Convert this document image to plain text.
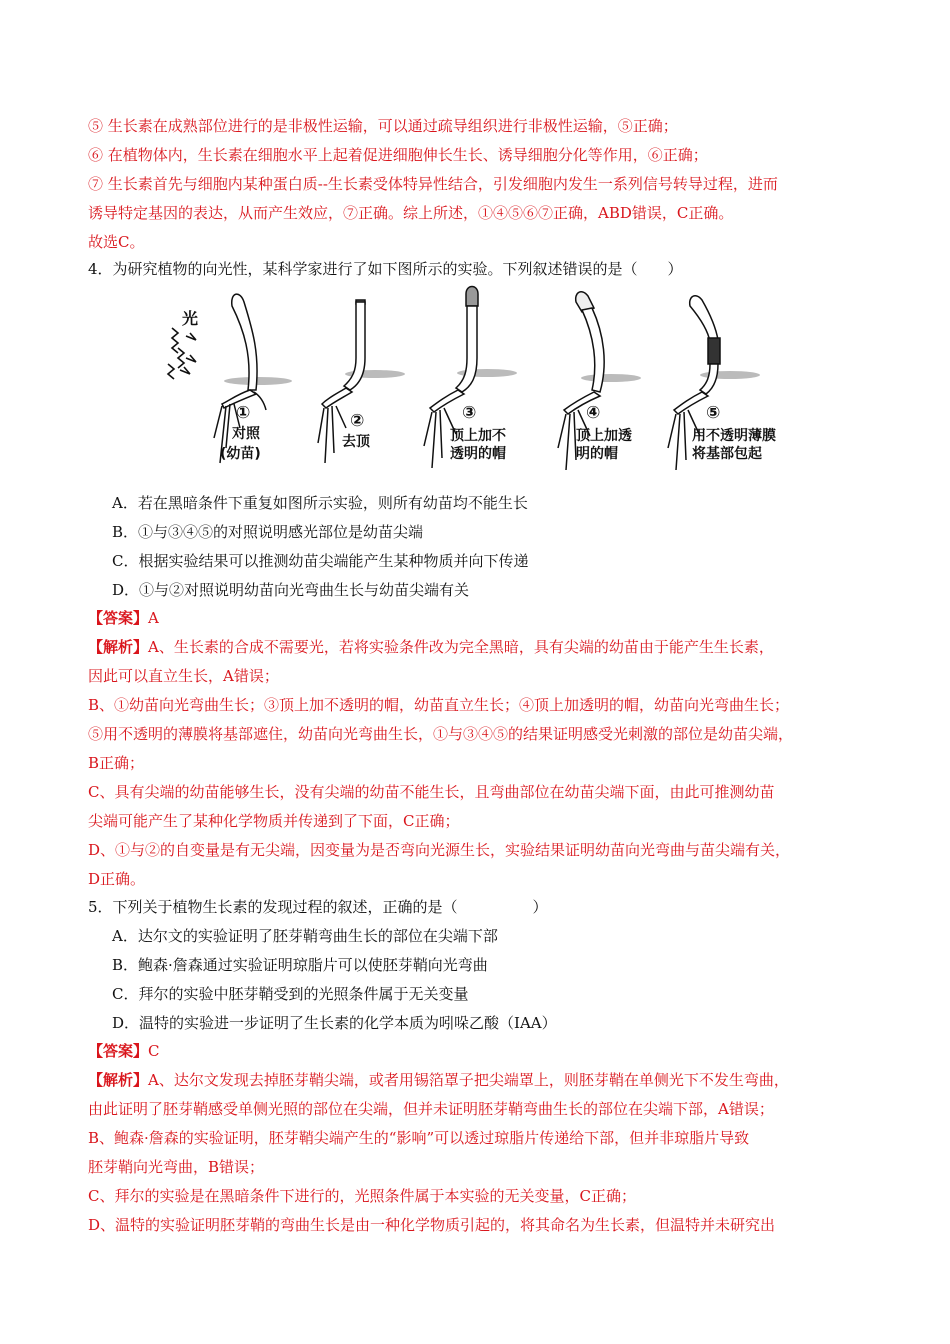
⑤ 生长素在成熟部位进行的是非极性运输，可以通过疏导组织进行非极性运输，⑤正确；
⑥ 在植物体内，生长素在细胞水平上起着促进细胞伸长生长、诱导细胞分化等作用，⑥正确；
⑦ 生长素首先与细胞内某种蛋白质--生长素受体特异性结合，引发细胞内发生一系列信号转导过程，进而
诱导特定基因的表达，从而产生效应，⑦正确。综上所述，①④⑤⑥⑦正确，ABD错误，C正确。
故选C。
4．为研究植物的向光性，某科学家进行了如下图所示的实验。下列叙述错误的是（　　）
光
①
对照
(幼苗)
②
去顶
③
顶上加不
透明的帽
④
顶上加透
明的帽
⑤
用不透明薄膜
将基部包起
A．若在黑暗条件下重复如图所示实验，则所有幼苗均不能生长
B．①与③④⑤的对照说明感光部位是幼苗尖端
C．根据实验结果可以推测幼苗尖端能产生某种物质并向下传递
D．①与②对照说明幼苗向光弯曲生长与幼苗尖端有关
【答案】A
【解析】A、生长素的合成不需要光，若将实验条件改为完全黑暗，具有尖端的幼苗由于能产生生长素，
因此可以直立生长，A错误；
B、①幼苗向光弯曲生长；③顶上加不透明的帽，幼苗直立生长；④顶上加透明的帽，幼苗向光弯曲生长；
⑤用不透明的薄膜将基部遮住，幼苗向光弯曲生长，①与③④⑤的结果证明感受光刺激的部位是幼苗尖端，
B正确；
C、具有尖端的幼苗能够生长，没有尖端的幼苗不能生长，且弯曲部位在幼苗尖端下面，由此可推测幼苗
尖端可能产生了某种化学物质并传递到了下面，C正确；
D、①与②的自变量是有无尖端，因变量为是否弯向光源生长，实验结果证明幼苗向光弯曲与苗尖端有关，
D正确。
5．下列关于植物生长素的发现过程的叙述，正确的是（　　　　　）
A．达尔文的实验证明了胚芽鞘弯曲生长的部位在尖端下部
B．鲍森·詹森通过实验证明琼脂片可以使胚芽鞘向光弯曲
C．拜尔的实验中胚芽鞘受到的光照条件属于无关变量
D．温特的实验进一步证明了生长素的化学本质为吲哚乙酸（IAA）
【答案】C
【解析】A、达尔文发现去掉胚芽鞘尖端，或者用锡箔罩子把尖端罩上，则胚芽鞘在单侧光下不发生弯曲，
由此证明了胚芽鞘感受单侧光照的部位在尖端，但并未证明胚芽鞘弯曲生长的部位在尖端下部，A错误；
B、鲍森·詹森的实验证明，胚芽鞘尖端产生的“影响”可以透过琼脂片传递给下部，但并非琼脂片导致
胚芽鞘向光弯曲，B错误；
C、拜尔的实验是在黑暗条件下进行的，光照条件属于本实验的无关变量，C正确；
D、温特的实验证明胚芽鞘的弯曲生长是由一种化学物质引起的，将其命名为生长素，但温特并未研究出
